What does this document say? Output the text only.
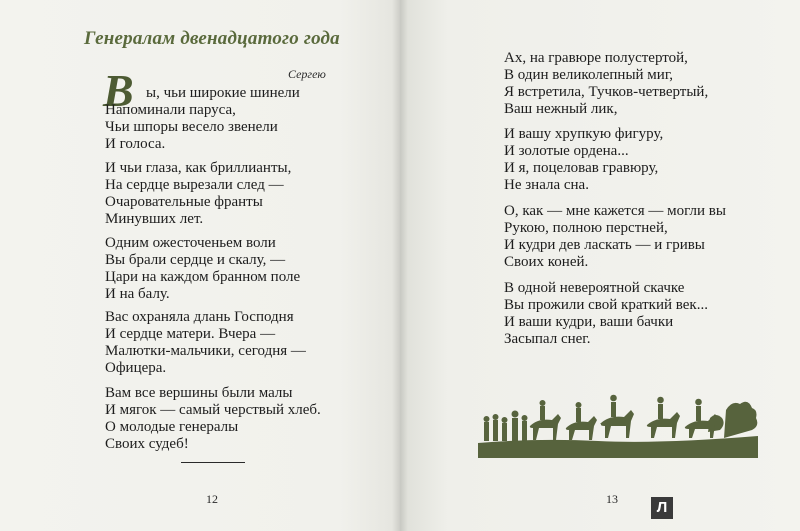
Генералам двенадцатого года
Сергею
В ы, чьи широкие шинели
Напоминали паруса,
Чьи шпоры весело звенели
И голоса.
И чьи глаза, как бриллианты,
На сердце вырезали след —
Очаровательные франты
Минувших лет.
Одним ожесточеньем воли
Вы брали сердце и скалу, —
Цари на каждом бранном поле
И на балу.
Вас охраняла длань Господня
И сердце матери. Вчера —
Малютки-мальчики, сегодня —
Офицера.
Вам все вершины были малы
И мягок — самый черствый хлеб.
О молодые генералы
Своих судеб!
12
Ах, на гравюре полустертой,
В один великолепный миг,
Я встретила, Тучков-четвертый,
Ваш нежный лик,
И вашу хрупкую фигуру,
И золотые ордена...
И я, поцеловав гравюру,
Не знала сна.
О, как — мне кажется — могли вы
Рукою, полною перстней,
И кудри дев ласкать — и гривы
Своих коней.
В одной невероятной скачке
Вы прожили свой краткий век...
И ваши кудри, ваши бачки
Засыпал снег.
13	Л
